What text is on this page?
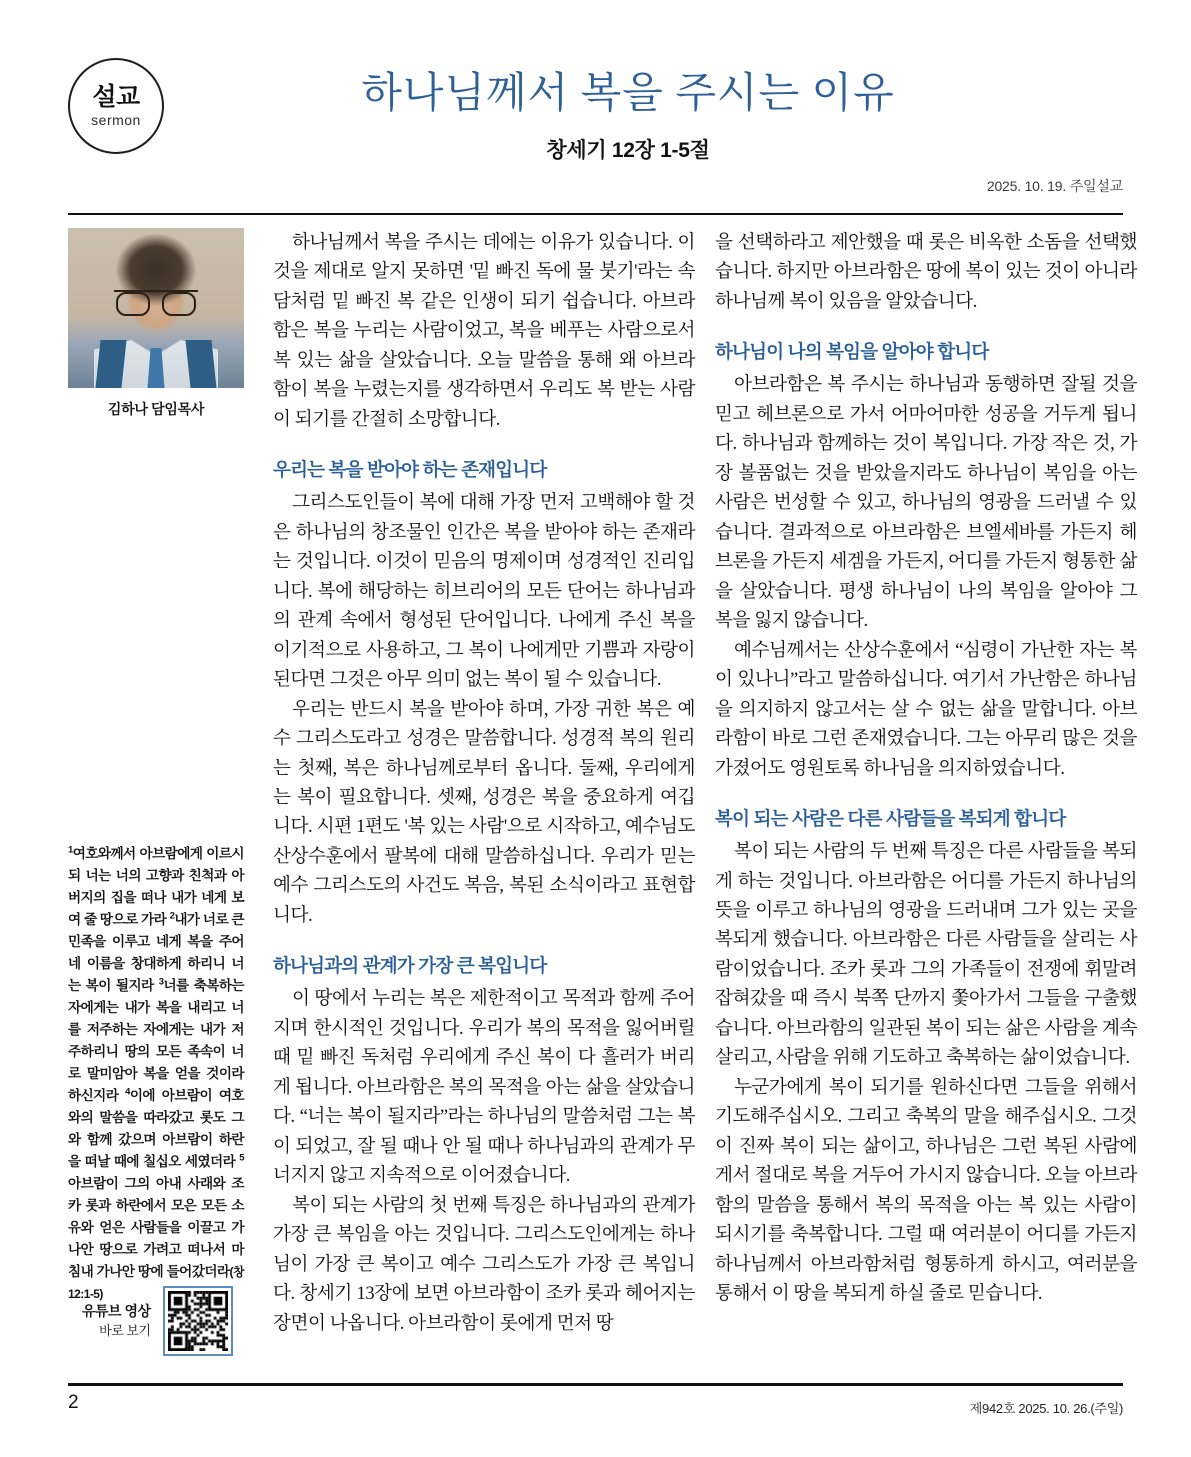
설교
sermon
하나님께서 복을 주시는 이유
창세기 12장 1-5절
2025. 10. 19. 주일설교
김하나 담임목사
$^1$여호와께서 아브람에게 이르시되 너는 너의 고향과 친척과 아버지의 집을 떠나 내가 네게 보여 줄 땅으로 가라 $^2$내가 너로 큰 민족을 이루고 네게 복을 주어 네 이름을 창대하게 하리니 너는 복이 될지라 $^3$너를 축복하는 자에게는 내가 복을 내리고 너를 저주하는 자에게는 내가 저주하리니 땅의 모든 족속이 너로 말미암아 복을 얻을 것이라 하신지라 $^4$이에 아브람이 여호와의 말씀을 따라갔고 롯도 그와 함께 갔으며 아브람이 하란을 떠날 때에 칠십오 세였더라 $^5$아브람이 그의 아내 사래와 조카 롯과 하란에서 모은 모든 소유와 얻은 사람들을 이끌고 가나안 땅으로 가려고 떠나서 마침내 가나안 땅에 들어갔더라(창 12:1-5)
유튜브 영상
바로 보기

하나님께서 복을 주시는 데에는 이유가 있습니다. 이것을 제대로 알지 못하면 '밑 빠진 독에 물 붓기'라는 속담처럼 밑 빠진 복 같은 인생이 되기 쉽습니다. 아브라함은 복을 누리는 사람이었고, 복을 베푸는 사람으로서 복 있는 삶을 살았습니다. 오늘 말씀을 통해 왜 아브라함이 복을 누렸는지를 생각하면서 우리도 복 받는 사람이 되기를 간절히 소망합니다.

우리는 복을 받아야 하는 존재입니다

그리스도인들이 복에 대해 가장 먼저 고백해야 할 것은 하나님의 창조물인 인간은 복을 받아야 하는 존재라는 것입니다. 이것이 믿음의 명제이며 성경적인 진리입니다. 복에 해당하는 히브리어의 모든 단어는 하나님과의 관계 속에서 형성된 단어입니다. 나에게 주신 복을 이기적으로 사용하고, 그 복이 나에게만 기쁨과 자랑이 된다면 그것은 아무 의미 없는 복이 될 수 있습니다.

우리는 반드시 복을 받아야 하며, 가장 귀한 복은 예수 그리스도라고 성경은 말씀합니다. 성경적 복의 원리는 첫째, 복은 하나님께로부터 옵니다. 둘째, 우리에게는 복이 필요합니다. 셋째, 성경은 복을 중요하게 여깁니다. 시편 1편도 '복 있는 사람'으로 시작하고, 예수님도 산상수훈에서 팔복에 대해 말씀하십니다. 우리가 믿는 예수 그리스도의 사건도 복음, 복된 소식이라고 표현합니다.

하나님과의 관계가 가장 큰 복입니다

이 땅에서 누리는 복은 제한적이고 목적과 함께 주어지며 한시적인 것입니다. 우리가 복의 목적을 잃어버릴 때 밑 빠진 독처럼 우리에게 주신 복이 다 흘러가 버리게 됩니다. 아브라함은 복의 목적을 아는 삶을 살았습니다. “너는 복이 될지라”라는 하나님의 말씀처럼 그는 복이 되었고, 잘 될 때나 안 될 때나 하나님과의 관계가 무너지지 않고 지속적으로 이어졌습니다.

복이 되는 사람의 첫 번째 특징은 하나님과의 관계가 가장 큰 복임을 아는 것입니다. 그리스도인에게는 하나님이 가장 큰 복이고 예수 그리스도가 가장 큰 복입니다. 창세기 13장에 보면 아브라함이 조카 롯과 헤어지는 장면이 나옵니다. 아브라함이 롯에게 먼저 땅

을 선택하라고 제안했을 때 롯은 비옥한 소돔을 선택했습니다. 하지만 아브라함은 땅에 복이 있는 것이 아니라 하나님께 복이 있음을 알았습니다.

하나님이 나의 복임을 알아야 합니다

아브라함은 복 주시는 하나님과 동행하면 잘될 것을 믿고 헤브론으로 가서 어마어마한 성공을 거두게 됩니다. 하나님과 함께하는 것이 복입니다. 가장 작은 것, 가장 볼품없는 것을 받았을지라도 하나님이 복임을 아는 사람은 번성할 수 있고, 하나님의 영광을 드러낼 수 있습니다. 결과적으로 아브라함은 브엘세바를 가든지 헤브론을 가든지 세겜을 가든지, 어디를 가든지 형통한 삶을 살았습니다. 평생 하나님이 나의 복임을 알아야 그 복을 잃지 않습니다.

예수님께서는 산상수훈에서 “심령이 가난한 자는 복이 있나니”라고 말씀하십니다. 여기서 가난함은 하나님을 의지하지 않고서는 살 수 없는 삶을 말합니다. 아브라함이 바로 그런 존재였습니다. 그는 아무리 많은 것을 가졌어도 영원토록 하나님을 의지하였습니다.

복이 되는 사람은 다른 사람들을 복되게 합니다

복이 되는 사람의 두 번째 특징은 다른 사람들을 복되게 하는 것입니다. 아브라함은 어디를 가든지 하나님의 뜻을 이루고 하나님의 영광을 드러내며 그가 있는 곳을 복되게 했습니다. 아브라함은 다른 사람들을 살리는 사람이었습니다. 조카 롯과 그의 가족들이 전쟁에 휘말려 잡혀갔을 때 즉시 북쪽 단까지 쫓아가서 그들을 구출했습니다. 아브라함의 일관된 복이 되는 삶은 사람을 계속 살리고, 사람을 위해 기도하고 축복하는 삶이었습니다.

누군가에게 복이 되기를 원하신다면 그들을 위해서 기도해주십시오. 그리고 축복의 말을 해주십시오. 그것이 진짜 복이 되는 삶이고, 하나님은 그런 복된 사람에게서 절대로 복을 거두어 가시지 않습니다. 오늘 아브라함의 말씀을 통해서 복의 목적을 아는 복 있는 사람이 되시기를 축복합니다. 그럴 때 여러분이 어디를 가든지 하나님께서 아브라함처럼 형통하게 하시고, 여러분을 통해서 이 땅을 복되게 하실 줄로 믿습니다.

2	제942호 2025. 10. 26.(주일)
